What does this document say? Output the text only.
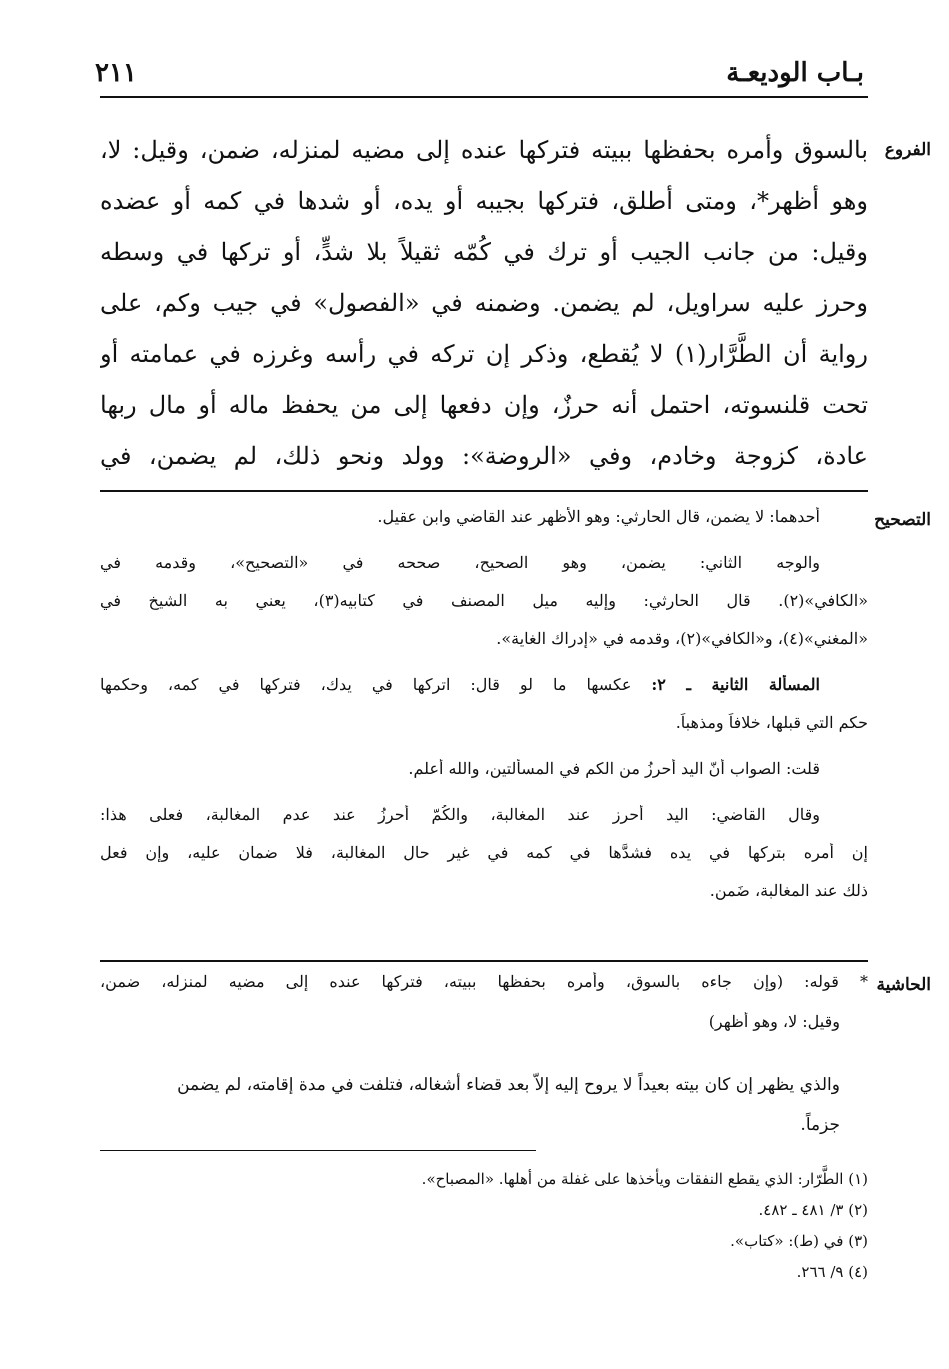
بـاب الوديعـة
٢١١
الفروع
التصحيح
الحاشية

بالسوق وأمره بحفظها ببيته فتركها عنده إلى مضيه لمنزله، ضمن، وقيل: لا،

وهو أظهر*، ومتى أطلق، فتركها بجيبه أو يده، أو شدها في كمه أو عضده

وقيل: من جانب الجيب أو ترك في كُمّه ثقيلاً بلا شدٍّ، أو تركها في وسطه

وحرز عليه سراويل، لم يضمن. وضمنه في «الفصول» في جيب وكم، على

رواية أن الطَّرَّار(١) لا يُقطع، وذكر إن تركه في رأسه وغرزه في عمامته أو

تحت قلنسوته، احتمل أنه حرزٌ، وإن دفعها إلى من يحفظ ماله أو مال ربها

عادة، كزوجة وخادم، وفي «الروضة»: وولد ونحو ذلك، لم يضمن، في

أحدهما: لا يضمن، قال الحارثي: وهو الأظهر عند القاضي وابن عقيل.
والوجه الثاني: يضمن، وهو الصحيح، صححه في «التصحيح»، وقدمه في
«الكافي»(٢). قال الحارثي: وإليه ميل المصنف في كتابيه(٣)، يعني به الشيخ في
«المغني»(٤)، و«الكافي»(٢)، وقدمه في «إدراك الغاية».
المسألة الثانية ـ ٢: عكسها ما لو قال: اتركها في يدك، فتركها في كمه، وحكمها
حكم التي قبلها، خلافاً ومذهباً.
قلت: الصواب أنّ اليد أحرزُ من الكم في المسألتين، والله أعلم.
وقال القاضي: اليد أحرز عند المغالبة، والكُمّ أحرزُ عند عدم المغالبة، فعلى هذا:
إن أمره بتركها في يده فشدَّها في كمه في غير حال المغالبة، فلا ضمان عليه، وإن فعل
ذلك عند المغالبة، ضَمن.
* قوله: (وإن جاءه بالسوق، وأمره بحفظها ببيته، فتركها عنده إلى مضيه لمنزله، ضمن،
وقيل: لا، وهو أظهر)
والذي يظهر إن كان بيته بعيداً لا يروح إليه إلاّ بعد قضاء أشغاله، فتلفت في مدة إقامته، لم يضمن
جزماً.
(١) الطَّرّار: الذي يقطع النفقات ويأخذها على غفلة من أهلها. «المصباح».
(٢) ٣/ ٤٨١ ـ ٤٨٢.
(٣) في (ط): «كتاب».
(٤) ٩/ ٢٦٦.
